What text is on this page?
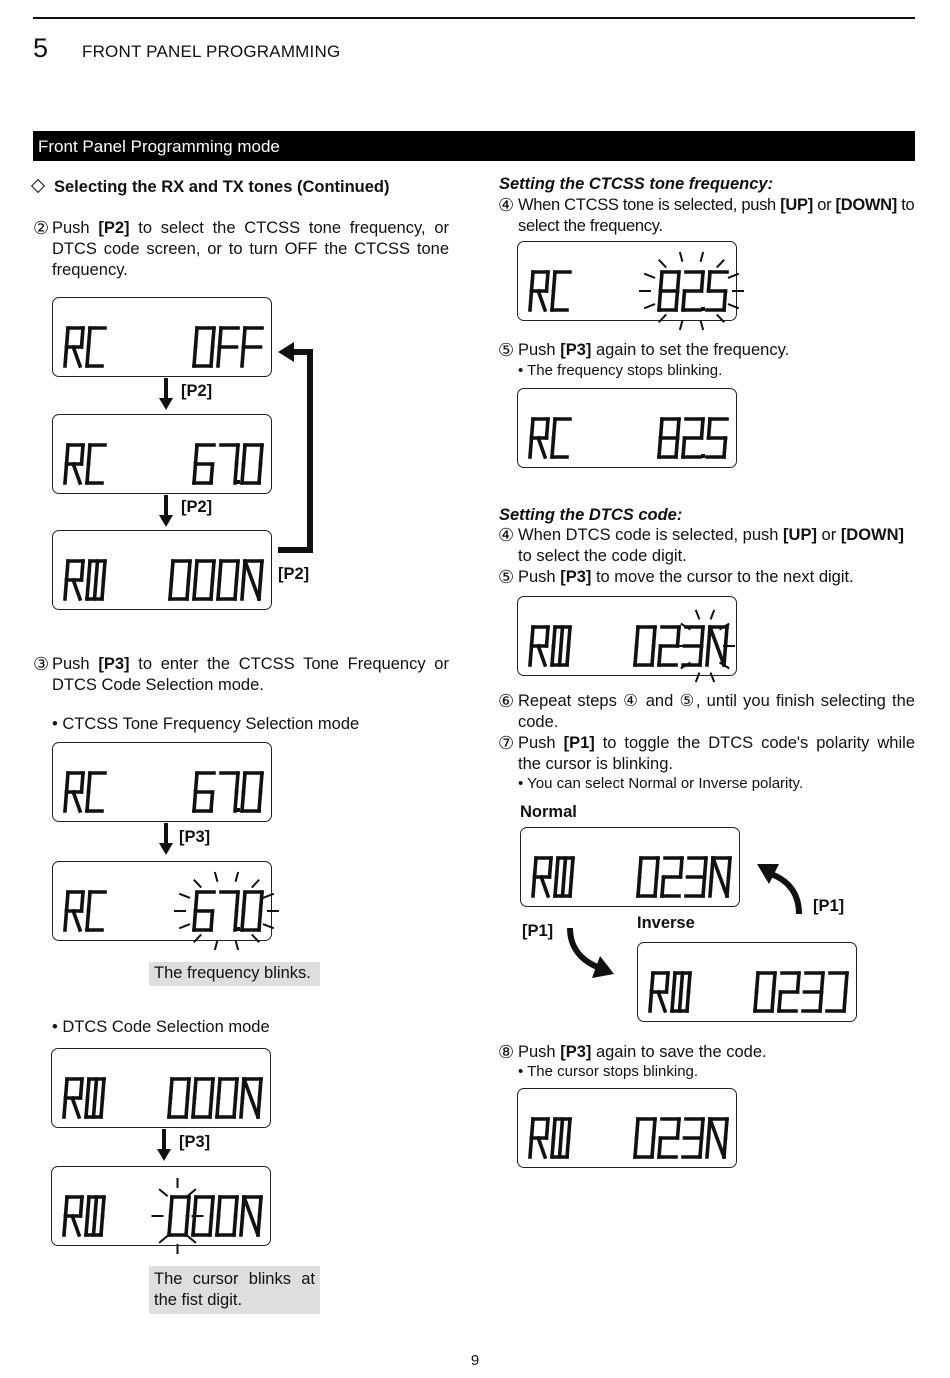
5 FRONT PANEL PROGRAMMING
Front Panel Programming mode
Selecting the RX and TX tones (Continued)
② Push [P2] to select the CTCSS tone frequency, or DTCS code screen, or to turn OFF the CTCSS tone frequency.
[P2]
[P2]
[P2]
③ Push [P3] to enter the CTCSS Tone Frequency or DTCS Code Selection mode.
• CTCSS Tone Frequency Selection mode
[P3]
The frequency blinks.
• DTCS Code Selection mode
[P3]
The cursor blinks at the fist digit.
Setting the CTCSS tone frequency:
④ When CTCSS tone is selected, push [UP] or [DOWN] to select the frequency.
⑤ Push [P3] again to set the frequency.
• The frequency stops blinking.
Setting the DTCS code:
④ When DTCS code is selected, push [UP] or [DOWN] to select the code digit.
⑤ Push [P3] to move the cursor to the next digit.
⑥ Repeat steps ④ and ⑤, until you finish selecting the code.
⑦ Push [P1] to toggle the DTCS code's polarity while the cursor is blinking.
• You can select Normal or Inverse polarity.
Normal
[P1]
Inverse
[P1]
⑧ Push [P3] again to save the code.
• The cursor stops blinking.
9
